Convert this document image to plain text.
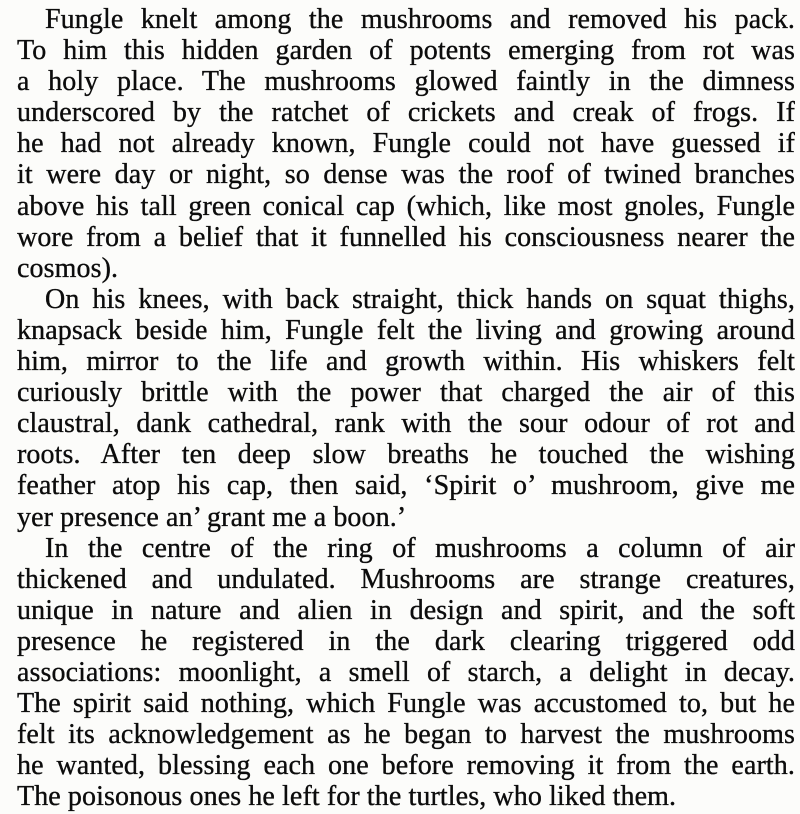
Fungle knelt among the mushrooms and removed his pack.
To him this hidden garden of potents emerging from rot was
a holy place. The mushrooms glowed faintly in the dimness
underscored by the ratchet of crickets and creak of frogs. If
he had not already known, Fungle could not have guessed if
it were day or night, so dense was the roof of twined branches
above his tall green conical cap (which, like most gnoles, Fungle
wore from a belief that it funnelled his consciousness nearer the
cosmos).
On his knees, with back straight, thick hands on squat thighs,
knapsack beside him, Fungle felt the living and growing around
him, mirror to the life and growth within. His whiskers felt
curiously brittle with the power that charged the air of this
claustral, dank cathedral, rank with the sour odour of rot and
roots. After ten deep slow breaths he touched the wishing
feather atop his cap, then said, ‘Spirit o’ mushroom, give me
yer presence an’ grant me a boon.’
In the centre of the ring of mushrooms a column of air
thickened and undulated. Mushrooms are strange creatures,
unique in nature and alien in design and spirit, and the soft
presence he registered in the dark clearing triggered odd
associations: moonlight, a smell of starch, a delight in decay.
The spirit said nothing, which Fungle was accustomed to, but he
felt its acknowledgement as he began to harvest the mushrooms
he wanted, blessing each one before removing it from the earth.
The poisonous ones he left for the turtles, who liked them.
